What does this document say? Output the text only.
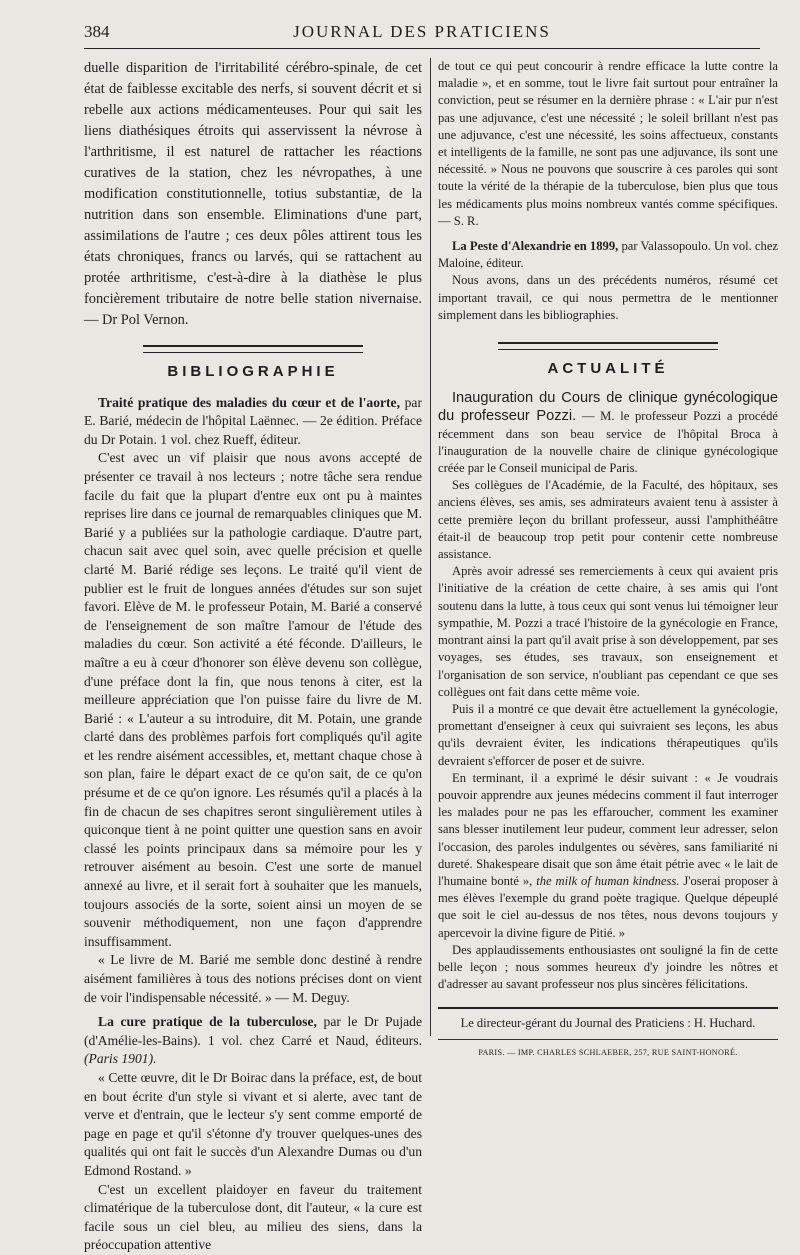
384	JOURNAL DES PRATICIENS

duelle disparition de l'irritabilité cérébro-spinale, de cet état de faiblesse excitable des nerfs, si souvent décrit et si rebelle aux actions médicamenteuses. Pour qui sait les liens diathésiques étroits qui asservissent la névrose à l'arthritisme, il est naturel de rattacher les réactions curatives de la station, chez les névropathes, à une modification constitutionnelle, totius substantiæ, de la nutrition dans son ensemble. Eliminations d'une part, assimilations de l'autre ; ces deux pôles attirent tous les états chroniques, francs ou larvés, qui se rattachent au protée arthritisme, c'est-à-dire à la diathèse le plus foncièrement tributaire de notre belle station nivernaise. — Dr Pol Vernon.

BIBLIOGRAPHIE

Traité pratique des maladies du cœur et de l'aorte, par E. Barié, médecin de l'hôpital Laënnec. — 2e édition. Préface du Dr Potain. 1 vol. chez Rueff, éditeur.

C'est avec un vif plaisir que nous avons accepté de présenter ce travail à nos lecteurs ; notre tâche sera rendue facile du fait que la plupart d'entre eux ont pu à maintes reprises lire dans ce journal de remarquables cliniques que M. Barié y a publiées sur la pathologie cardiaque. D'autre part, chacun sait avec quel soin, avec quelle précision et quelle clarté M. Barié rédige ses leçons. Le traité qu'il vient de publier est le fruit de longues années d'études sur son sujet favori. Elève de M. le professeur Potain, M. Barié a conservé de l'enseignement de son maître l'amour de l'étude des maladies du cœur. Son activité a été féconde. D'ailleurs, le maître a eu à cœur d'honorer son élève devenu son collègue, d'une préface dont la fin, que nous tenons à citer, est la meilleure appréciation que l'on puisse faire du livre de M. Barié : « L'auteur a su introduire, dit M. Potain, une grande clarté dans des problèmes parfois fort compliqués qu'il agite et les rendre aisément accessibles, et, mettant chaque chose à son plan, faire le départ exact de ce qu'on sait, de ce qu'on présume et de ce qu'on ignore. Les résumés qu'il a placés à la fin de chacun de ses chapitres seront singulièrement utiles à quiconque tient à ne point quitter une question sans en avoir classé les points principaux dans sa mémoire pour les y retrouver aisément au besoin. C'est une sorte de manuel annexé au livre, et il serait fort à souhaiter que les manuels, toujours associés de la sorte, soient ainsi un moyen de se souvenir méthodiquement, non une façon d'apprendre insuffisamment.

« Le livre de M. Barié me semble donc destiné à rendre aisément familières à tous des notions précises dont on vient de voir l'indispensable nécessité. » — M. Deguy.

La cure pratique de la tuberculose, par le Dr Pujade (d'Amélie-les-Bains). 1 vol. chez Carré et Naud, éditeurs. (Paris 1901).

« Cette œuvre, dit le Dr Boirac dans la préface, est, de bout en bout écrite d'un style si vivant et si alerte, avec tant de verve et d'entrain, que le lecteur s'y sent comme emporté de page en page et qu'il s'étonne d'y trouver quelques-unes des qualités qui ont fait le succès d'un Alexandre Dumas ou d'un Edmond Rostand. »

C'est un excellent plaidoyer en faveur du traitement climatérique de la tuberculose dont, dit l'auteur, « la cure est facile sous un ciel bleu, au milieu des siens, dans la préoccupation attentive

de tout ce qui peut concourir à rendre efficace la lutte contre la maladie », et en somme, tout le livre fait surtout pour entraîner la conviction, peut se résumer en la dernière phrase : « L'air pur n'est pas une adjuvance, c'est une nécessité ; le soleil brillant n'est pas une adjuvance, c'est une nécessité, les soins affectueux, constants et intelligents de la famille, ne sont pas une adjuvance, ils sont une nécessité. » Nous ne pouvons que souscrire à ces paroles qui sont toute la vérité de la thérapie de la tuberculose, bien plus que tous les médicaments plus moins nombreux vantés comme spécifiques. — S. R.

La Peste d'Alexandrie en 1899, par Valassopoulo. Un vol. chez Maloine, éditeur.

Nous avons, dans un des précédents numéros, résumé cet important travail, ce qui nous permettra de le mentionner simplement dans les bibliographies.

ACTUALITÉ

Inauguration du Cours de clinique gynécologique du professeur Pozzi. — M. le professeur Pozzi a procédé récemment dans son beau service de l'hôpital Broca à l'inauguration de la nouvelle chaire de clinique gynécologique créée par le Conseil municipal de Paris.

Ses collègues de l'Académie, de la Faculté, des hôpitaux, ses anciens élèves, ses amis, ses admirateurs avaient tenu à assister à cette première leçon du brillant professeur, aussi l'amphithéâtre était-il de beaucoup trop petit pour contenir cette nombreuse assistance.

Après avoir adressé ses remerciements à ceux qui avaient pris l'initiative de la création de cette chaire, à ses amis qui l'ont soutenu dans la lutte, à tous ceux qui sont venus lui témoigner leur sympathie, M. Pozzi a tracé l'histoire de la gynécologie en France, montrant ainsi la part qu'il avait prise à son développement, par ses voyages, ses études, ses travaux, son enseignement et l'organisation de son service, n'oubliant pas cependant ce que ses collègues ont fait dans cette même voie.

Puis il a montré ce que devait être actuellement la gynécologie, promettant d'enseigner à ceux qui suivraient ses leçons, les abus qu'ils devraient éviter, les indications thérapeutiques qu'ils devraient s'efforcer de poser et de suivre.

En terminant, il a exprimé le désir suivant : « Je voudrais pouvoir apprendre aux jeunes médecins comment il faut interroger les malades pour ne pas les effaroucher, comment les examiner sans blesser inutilement leur pudeur, comment leur adresser, selon l'occasion, des paroles indulgentes ou sévères, sans familiarité ni dureté. Shakespeare disait que son âme était pétrie avec « le lait de l'humaine bonté », the milk of human kindness. J'oserai proposer à mes élèves l'exemple du grand poète tragique. Quelque dépeuplé que soit le ciel au-dessus de nos têtes, nous devons toujours y apercevoir la divine figure de Pitié. »

Des applaudissements enthousiastes ont souligné la fin de cette belle leçon ; nous sommes heureux d'y joindre les nôtres et d'adresser au savant professeur nos plus sincères félicitations.

Le directeur-gérant du Journal des Praticiens : H. Huchard.
PARIS. — IMP. CHARLES SCHLAEBER, 257, RUE SAINT-HONORÉ.
